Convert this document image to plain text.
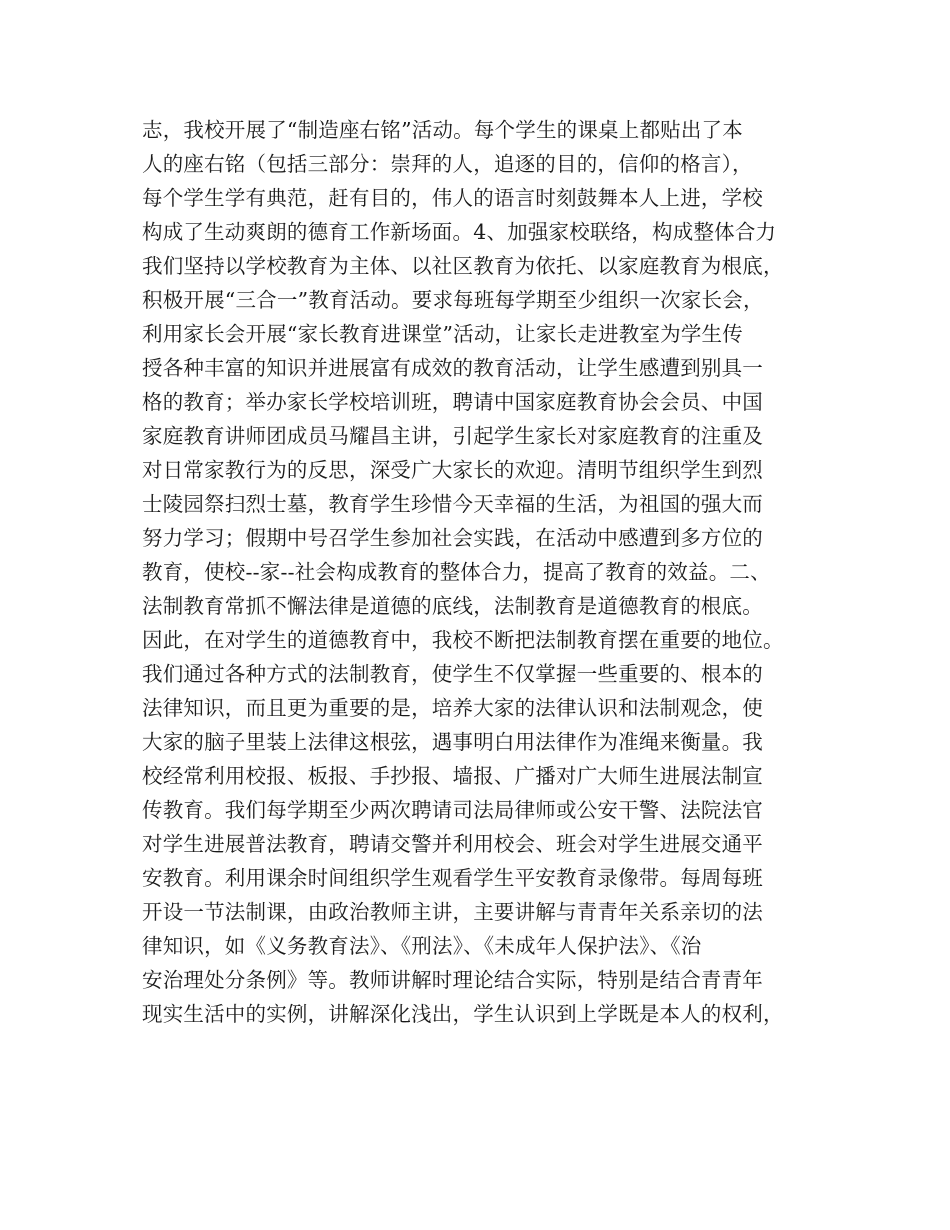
志，我校开展了“制造座右铭”活动。每个学生的课桌上都贴出了本
人的座右铭（包括三部分：崇拜的人，追逐的目的，信仰的格言），
每个学生学有典范，赶有目的，伟人的语言时刻鼓舞本人上进，学校
构成了生动爽朗的德育工作新场面。4、加强家校联络，构成整体合力
我们坚持以学校教育为主体、以社区教育为依托、以家庭教育为根底，
积极开展“三合一”教育活动。要求每班每学期至少组织一次家长会，
利用家长会开展“家长教育进课堂”活动，让家长走进教室为学生传
授各种丰富的知识并进展富有成效的教育活动，让学生感遭到别具一
格的教育；举办家长学校培训班，聘请中国家庭教育协会会员、中国
家庭教育讲师团成员马耀昌主讲，引起学生家长对家庭教育的注重及
对日常家教行为的反思，深受广大家长的欢迎。清明节组织学生到烈
士陵园祭扫烈士墓，教育学生珍惜今天幸福的生活，为祖国的强大而
努力学习；假期中号召学生参加社会实践，在活动中感遭到多方位的
教育，使校--家--社会构成教育的整体合力，提高了教育的效益。二、
法制教育常抓不懈法律是道德的底线，法制教育是道德教育的根底。
因此，在对学生的道德教育中，我校不断把法制教育摆在重要的地位。
我们通过各种方式的法制教育，使学生不仅掌握一些重要的、根本的
法律知识，而且更为重要的是，培养大家的法律认识和法制观念，使
大家的脑子里装上法律这根弦，遇事明白用法律作为准绳来衡量。我
校经常利用校报、板报、手抄报、墙报、广播对广大师生进展法制宣
传教育。我们每学期至少两次聘请司法局律师或公安干警、法院法官
对学生进展普法教育，聘请交警并利用校会、班会对学生进展交通平
安教育。利用课余时间组织学生观看学生平安教育录像带。每周每班
开设一节法制课，由政治教师主讲，主要讲解与青青年关系亲切的法
律知识，如《义务教育法》、《刑法》、《未成年人保护法》、《治
安治理处分条例》等。教师讲解时理论结合实际，特别是结合青青年
现实生活中的实例，讲解深化浅出，学生认识到上学既是本人的权利，
